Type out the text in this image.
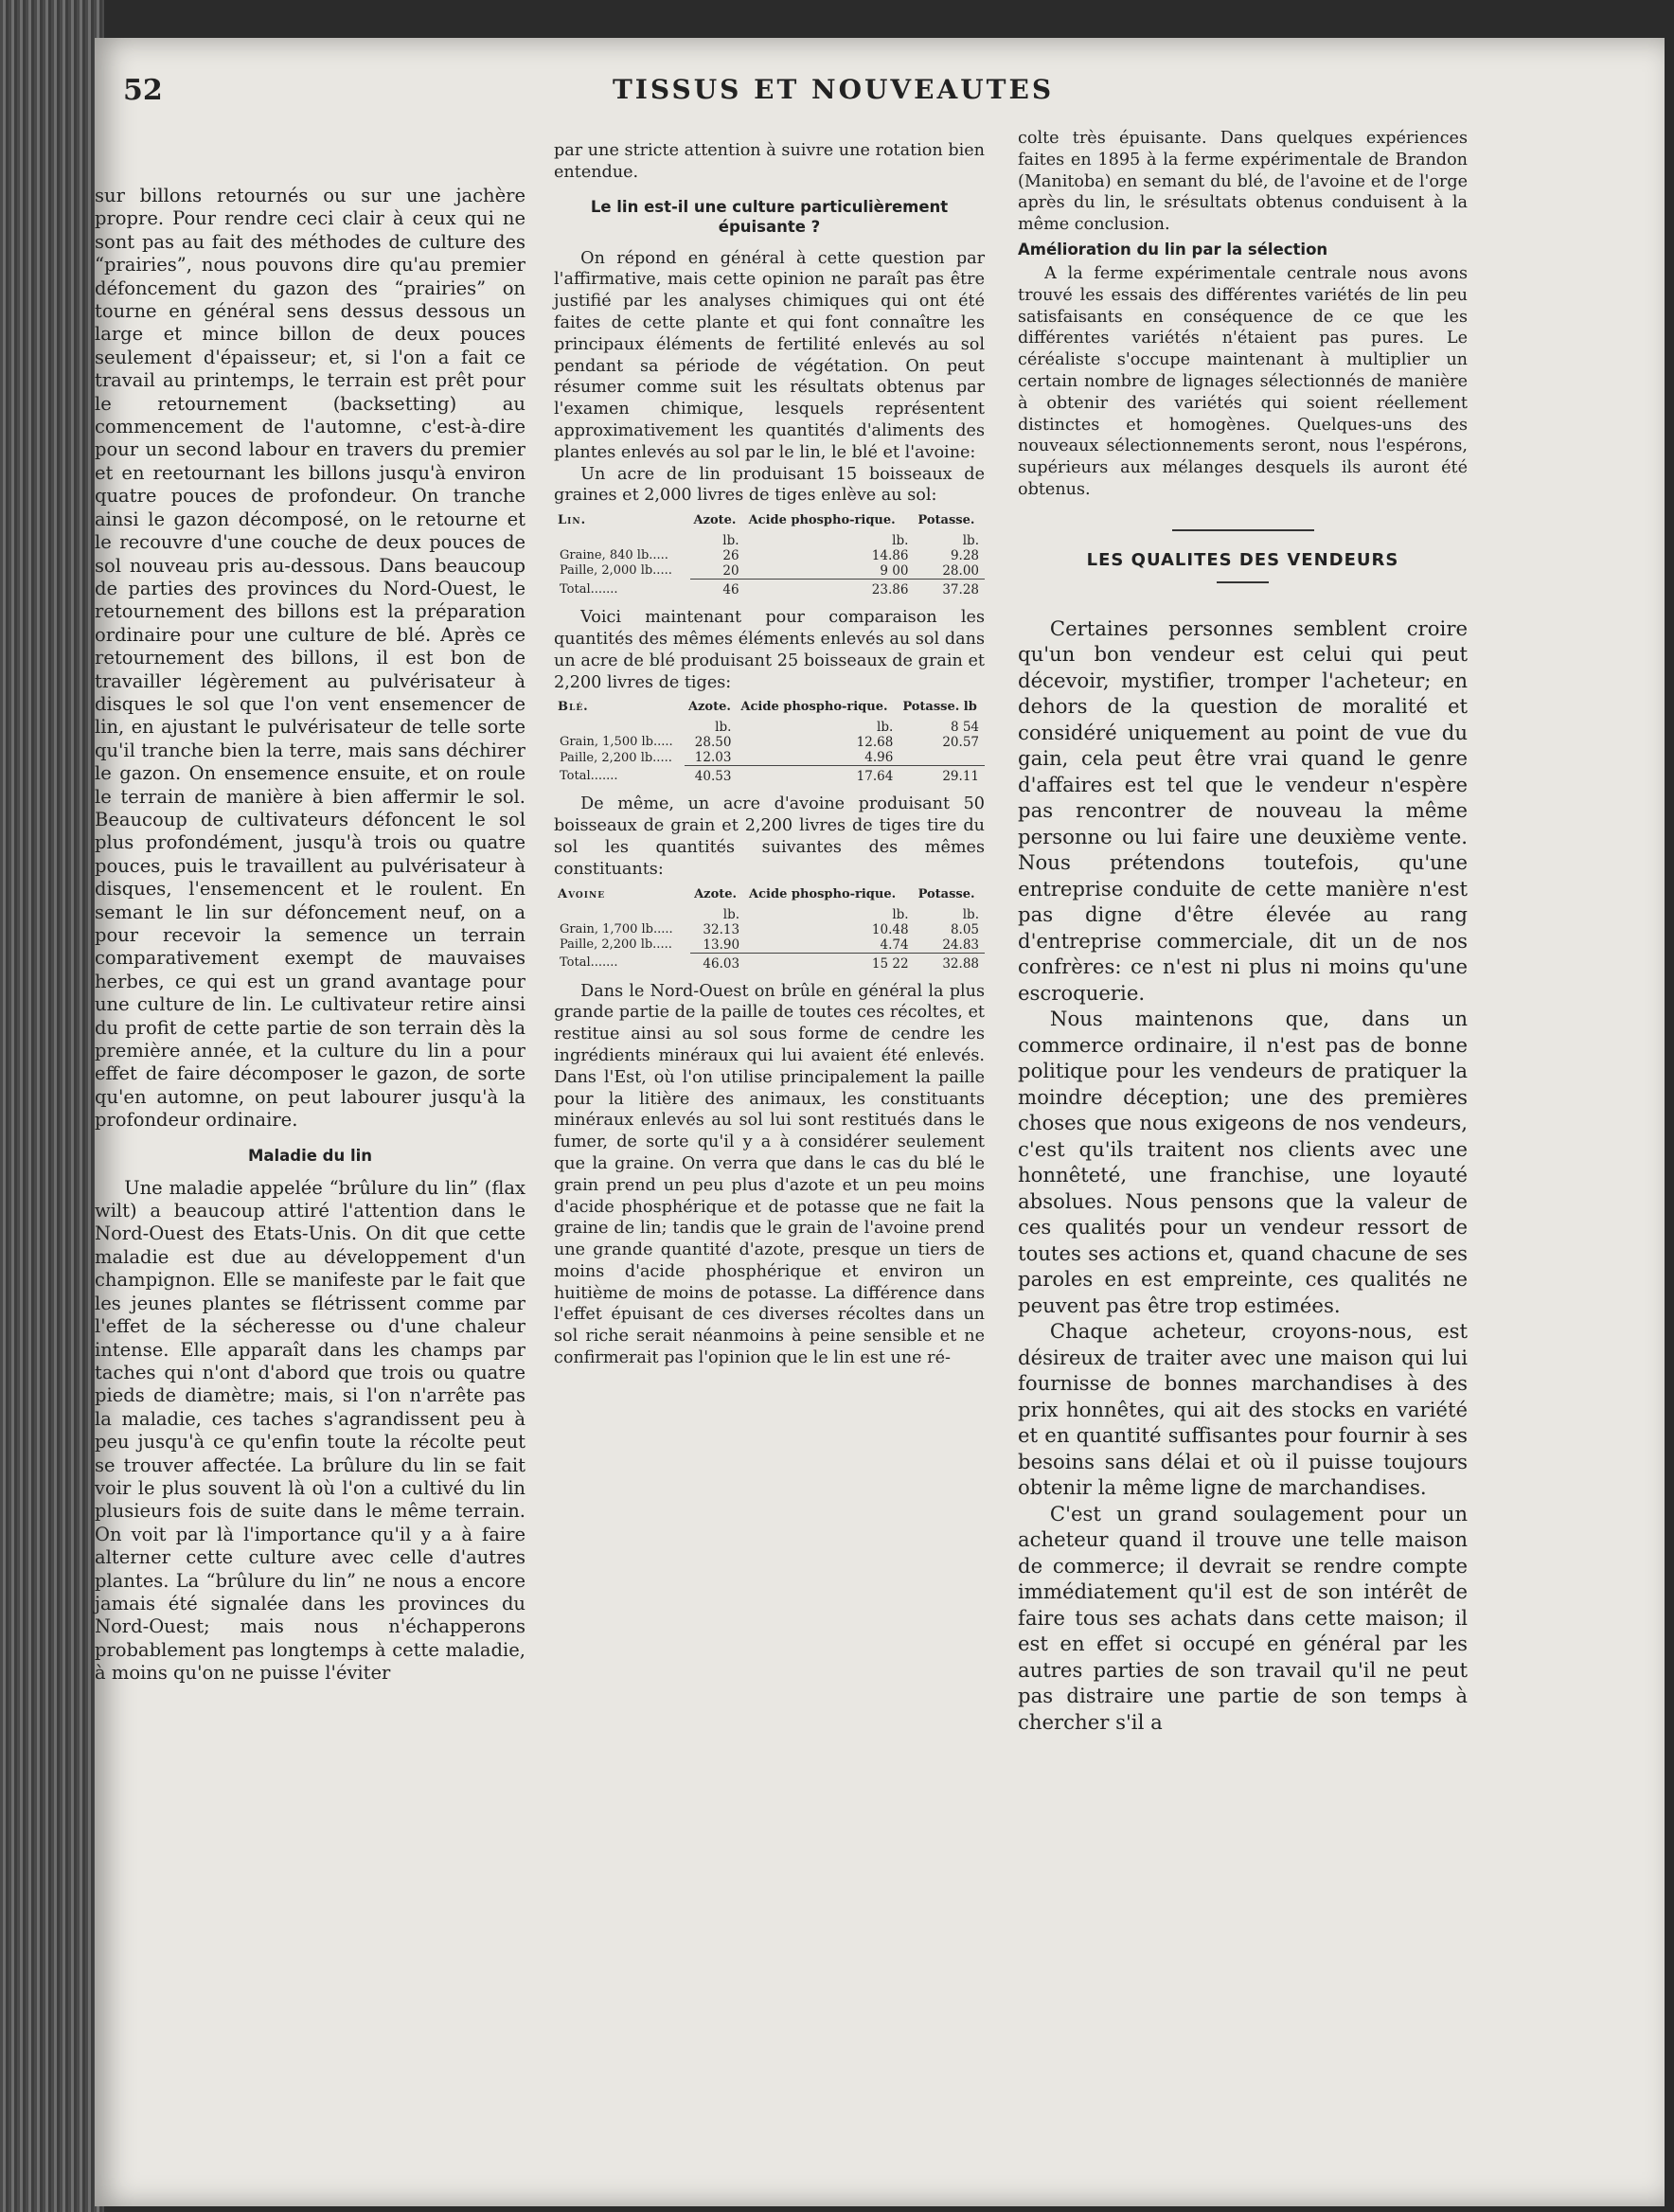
52	TISSUS ET NOUVEAUTES

sur billons retournés ou sur une jachère propre. Pour rendre ceci clair à ceux qui ne sont pas au fait des méthodes de culture des “prairies”, nous pouvons dire qu'au premier défoncement du gazon des “prairies” on tourne en général sens dessus dessous un large et mince billon de deux pouces seulement d'épaisseur; et, si l'on a fait ce travail au printemps, le terrain est prêt pour le retournement (backsetting) au commencement de l'automne, c'est-à-dire pour un second labour en travers du premier et en reetournant les billons jusqu'à environ quatre pouces de profondeur. On tranche ainsi le gazon décomposé, on le retourne et le recouvre d'une couche de deux pouces de sol nouveau pris au-dessous. Dans beaucoup de parties des provinces du Nord-Ouest, le retournement des billons est la préparation ordinaire pour une culture de blé. Après ce retournement des billons, il est bon de travailler légèrement au pulvérisateur à disques le sol que l'on vent ensemencer de lin, en ajustant le pulvérisateur de telle sorte qu'il tranche bien la terre, mais sans déchirer le gazon. On ensemence ensuite, et on roule le terrain de manière à bien affermir le sol. Beaucoup de cultivateurs défoncent le sol plus profondément, jusqu'à trois ou quatre pouces, puis le travaillent au pulvérisateur à disques, l'ensemencent et le roulent. En semant le lin sur défoncement neuf, on a pour recevoir la semence un terrain comparativement exempt de mauvaises herbes, ce qui est un grand avantage pour une culture de lin. Le cultivateur retire ainsi du profit de cette partie de son terrain dès la première année, et la culture du lin a pour effet de faire décomposer le gazon, de sorte qu'en automne, on peut labourer jusqu'à la profondeur ordinaire.

Maladie du lin

Une maladie appelée “brûlure du lin” (flax wilt) a beaucoup attiré l'attention dans le Nord-Ouest des Etats-Unis. On dit que cette maladie est due au développement d'un champignon. Elle se manifeste par le fait que les jeunes plantes se flétrissent comme par l'effet de la sécheresse ou d'une chaleur intense. Elle apparaît dans les champs par taches qui n'ont d'abord que trois ou quatre pieds de diamètre; mais, si l'on n'arrête pas la maladie, ces taches s'agrandissent peu à peu jusqu'à ce qu'enfin toute la récolte peut se trouver affectée. La brûlure du lin se fait voir le plus souvent là où l'on a cultivé du lin plusieurs fois de suite dans le même terrain. On voit par là l'importance qu'il y a à faire alterner cette culture avec celle d'autres plantes. La “brûlure du lin” ne nous a encore jamais été signalée dans les provinces du Nord-Ouest; mais nous n'échapperons probablement pas longtemps à cette maladie, à moins qu'on ne puisse l'éviter

par une stricte attention à suivre une rotation bien entendue.

Le lin est-il une culture particulièrement épuisante ?

On répond en général à cette question par l'affirmative, mais cette opinion ne paraît pas être justifié par les analyses chimiques qui ont été faites de cette plante et qui font connaître les principaux éléments de fertilité enlevés au sol pendant sa période de végétation. On peut résumer comme suit les résultats obtenus par l'examen chimique, lesquels représentent approximativement les quantités d'aliments des plantes enlevés au sol par le lin, le blé et l'avoine:

Un acre de lin produisant 15 boisseaux de graines et 2,000 livres de tiges enlève au sol:

Lin.	Azote.	Acide phospho-rique.	Potasse.
	lb.	lb.	lb.
Graine, 840 lb.....	26	14.86	9.28
Paille, 2,000 lb.....	20	9 00	28.00
Total.......	46	23.86	37.28

Voici maintenant pour comparaison les quantités des mêmes éléments enlevés au sol dans un acre de blé produisant 25 boisseaux de grain et 2,200 livres de tiges:

Blé.	Azote.	Acide phospho-rique.	Potasse. lb
	lb.	lb.	8 54
Grain, 1,500 lb.....	28.50	12.68	20.57
Paille, 2,200 lb.....	12.03	4.96	
Total.......	40.53	17.64	29.11

De même, un acre d'avoine produisant 50 boisseaux de grain et 2,200 livres de tiges tire du sol les quantités suivantes des mêmes constituants:

Avoine	Azote.	Acide phospho-rique.	Potasse.
	lb.	lb.	lb.
Grain, 1,700 lb.....	32.13	10.48	8.05
Paille, 2,200 lb.....	13.90	4.74	24.83
Total.......	46.03	15 22	32.88

Dans le Nord-Ouest on brûle en général la plus grande partie de la paille de toutes ces récoltes, et restitue ainsi au sol sous forme de cendre les ingrédients minéraux qui lui avaient été enlevés. Dans l'Est, où l'on utilise principalement la paille pour la litière des animaux, les constituants minéraux enlevés au sol lui sont restitués dans le fumer, de sorte qu'il y a à considérer seulement que la graine. On verra que dans le cas du blé le grain prend un peu plus d'azote et un peu moins d'acide phosphérique et de potasse que ne fait la graine de lin; tandis que le grain de l'avoine prend une grande quantité d'azote, presque un tiers de moins d'acide phosphérique et environ un huitième de moins de potasse. La différence dans l'effet épuisant de ces diverses récoltes dans un sol riche serait néanmoins à peine sensible et ne confirmerait pas l'opinion que le lin est une ré-

colte très épuisante. Dans quelques expériences faites en 1895 à la ferme expérimentale de Brandon (Manitoba) en semant du blé, de l'avoine et de l'orge après du lin, le srésultats obtenus conduisent à la même conclusion.

Amélioration du lin par la sélection

A la ferme expérimentale centrale nous avons trouvé les essais des différentes variétés de lin peu satisfaisants en conséquence de ce que les différentes variétés n'étaient pas pures. Le céréaliste s'occupe maintenant à multiplier un certain nombre de lignages sélectionnés de manière à obtenir des variétés qui soient réellement distinctes et homogènes. Quelques-uns des nouveaux sélectionnements seront, nous l'espérons, supérieurs aux mélanges desquels ils auront été obtenus.

LES QUALITES DES VENDEURS

Certaines personnes semblent croire qu'un bon vendeur est celui qui peut décevoir, mystifier, tromper l'acheteur; en dehors de la question de moralité et considéré uniquement au point de vue du gain, cela peut être vrai quand le genre d'affaires est tel que le vendeur n'espère pas rencontrer de nouveau la même personne ou lui faire une deuxième vente. Nous prétendons toutefois, qu'une entreprise conduite de cette manière n'est pas digne d'être élevée au rang d'entreprise commerciale, dit un de nos confrères: ce n'est ni plus ni moins qu'une escroquerie.

Nous maintenons que, dans un commerce ordinaire, il n'est pas de bonne politique pour les vendeurs de pratiquer la moindre déception; une des premières choses que nous exigeons de nos vendeurs, c'est qu'ils traitent nos clients avec une honnêteté, une franchise, une loyauté absolues. Nous pensons que la valeur de ces qualités pour un vendeur ressort de toutes ses actions et, quand chacune de ses paroles en est empreinte, ces qualités ne peuvent pas être trop estimées.

Chaque acheteur, croyons-nous, est désireux de traiter avec une maison qui lui fournisse de bonnes marchandises à des prix honnêtes, qui ait des stocks en variété et en quantité suffisantes pour fournir à ses besoins sans délai et où il puisse toujours obtenir la même ligne de marchandises.

C'est un grand soulagement pour un acheteur quand il trouve une telle maison de commerce; il devrait se rendre compte immédiatement qu'il est de son intérêt de faire tous ses achats dans cette maison; il est en effet si occupé en général par les autres parties de son travail qu'il ne peut pas distraire une partie de son temps à chercher s'il a
